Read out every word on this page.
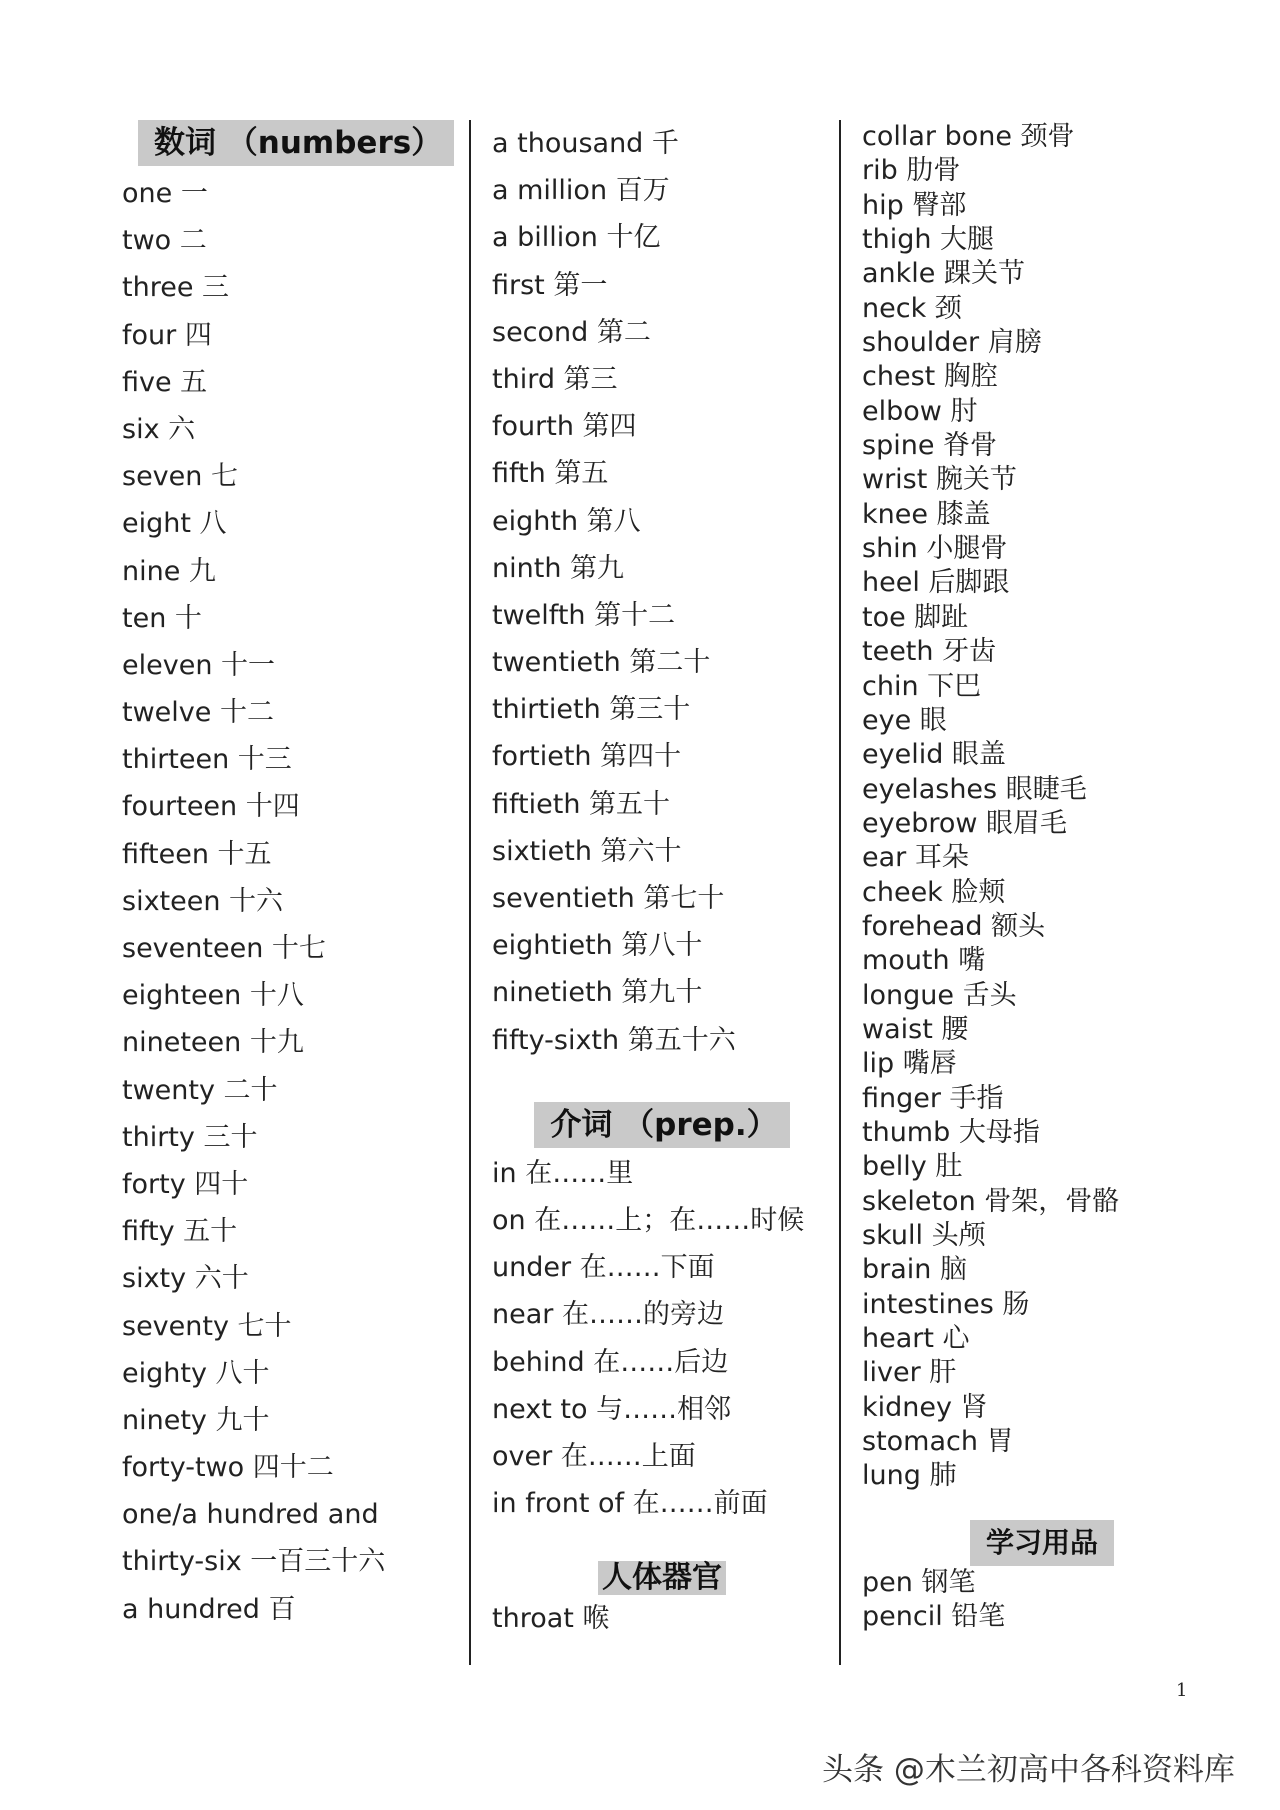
数词 （numbers）
one 一
two 二
three 三
four 四
five 五
six 六
seven 七
eight 八
nine 九
ten 十
eleven 十一
twelve 十二
thirteen 十三
fourteen 十四
fifteen 十五
sixteen 十六
seventeen 十七
eighteen 十八
nineteen 十九
twenty 二十
thirty 三十
forty 四十
fifty 五十
sixty 六十
seventy 七十
eighty 八十
ninety 九十
forty-two 四十二
one/a hundred and
thirty-six 一百三十六
a hundred 百
a thousand 千
a million 百万
a billion 十亿
first 第一
second 第二
third 第三
fourth 第四
fifth 第五
eighth 第八
ninth 第九
twelfth 第十二
twentieth 第二十
thirtieth 第三十
fortieth 第四十
fiftieth 第五十
sixtieth 第六十
seventieth 第七十
eightieth 第八十
ninetieth 第九十
fifty-sixth 第五十六
介词 （prep.）
in 在……里
on 在……上；在……时候
under 在……下面
near 在……的旁边
behind 在……后边
next to 与……相邻
over 在……上面
in front of 在……前面
人体器官
throat 喉
collar bone 颈骨
rib 肋骨
hip 臀部
thigh 大腿
ankle 踝关节
neck 颈
shoulder 肩膀
chest 胸腔
elbow 肘
spine 脊骨
wrist 腕关节
knee 膝盖
shin 小腿骨
heel 后脚跟
toe 脚趾
teeth 牙齿
chin 下巴
eye 眼
eyelid 眼盖
eyelashes 眼睫毛
eyebrow 眼眉毛
ear 耳朵
cheek 脸颊
forehead 额头
mouth 嘴
longue 舌头
waist 腰
lip 嘴唇
finger 手指
thumb 大母指
belly 肚
skeleton 骨架，骨骼
skull 头颅
brain 脑
intestines 肠
heart 心
liver 肝
kidney 肾
stomach 胃
lung 肺
学习用品
pen 钢笔
pencil 铅笔
1
头条 @木兰初高中各科资料库
